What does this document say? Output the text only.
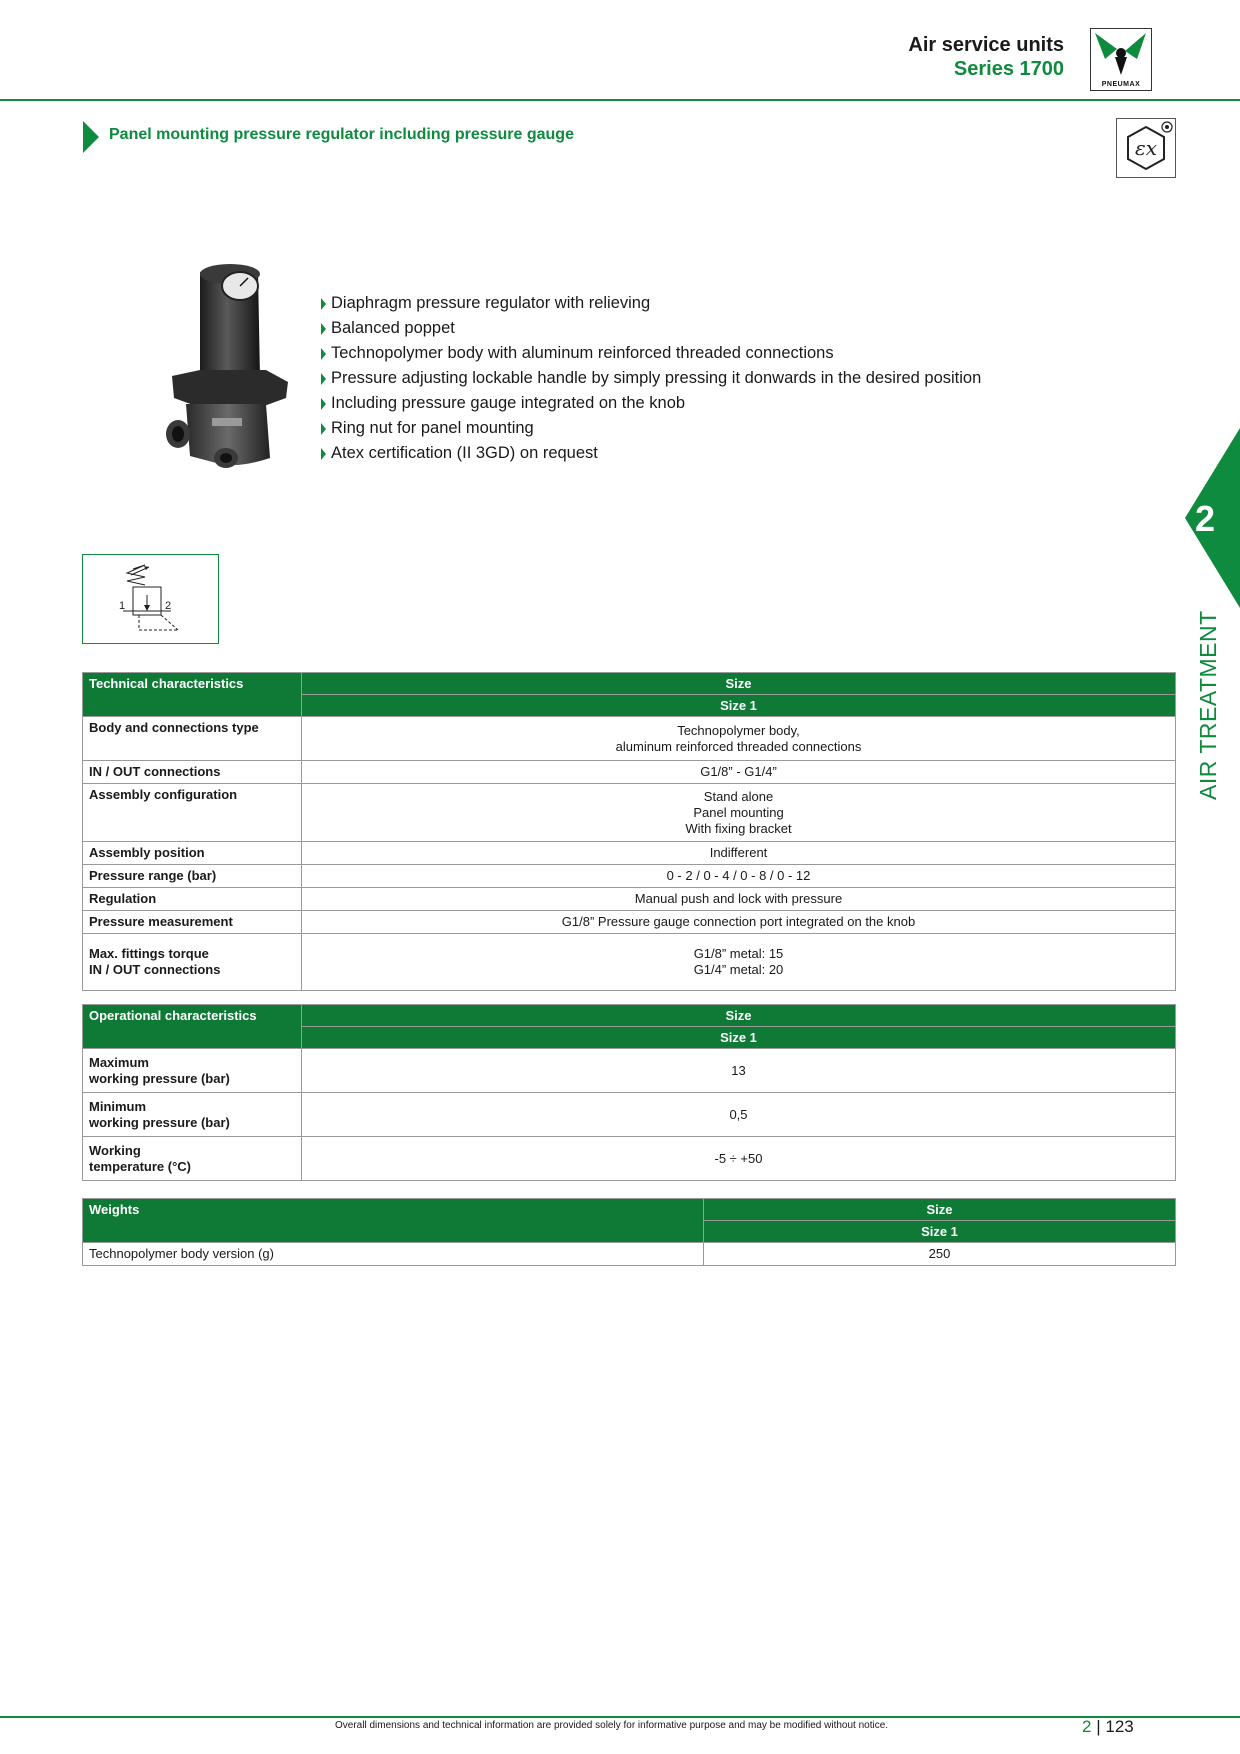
Air service units
Series 1700
PNEUMAX
Panel mounting pressure regulator including pressure gauge
εx
Diaphragm pressure regulator with relieving
Balanced poppet
Technopolymer body with aluminum reinforced threaded connections
Pressure adjusting lockable handle by simply pressing it donwards in the desired position
Including pressure gauge integrated on the knob
Ring nut for panel mounting
Atex certification (II 3GD) on request
1	2
2
AIR TREATMENT
Technical characteristics	Size
	Size 1

Body and connections type	Technopolymer body,
aluminum reinforced threaded connections

IN / OUT connections	G1/8” - G1/4”

Assembly configuration	Stand alone
Panel mounting
With fixing bracket

Assembly position	Indifferent

Pressure range (bar)	0 - 2 / 0 - 4 / 0 - 8 / 0 - 12

Regulation	Manual push and lock with pressure

Pressure measurement	G1/8” Pressure gauge connection port integrated on the knob

Max. fittings torque
IN / OUT connections	G1/8” metal: 15
G1/4” metal: 20
Operational characteristics	Size
	Size 1

Maximum
working pressure (bar)	13

Minimum
working pressure (bar)	0,5

Working
temperature (°C)	-5 ÷ +50
Weights	Size
	Size 1

Technopolymer body version (g)	250
Overall dimensions and technical information are provided solely for informative purpose and may be modified without notice.	2 | 123
